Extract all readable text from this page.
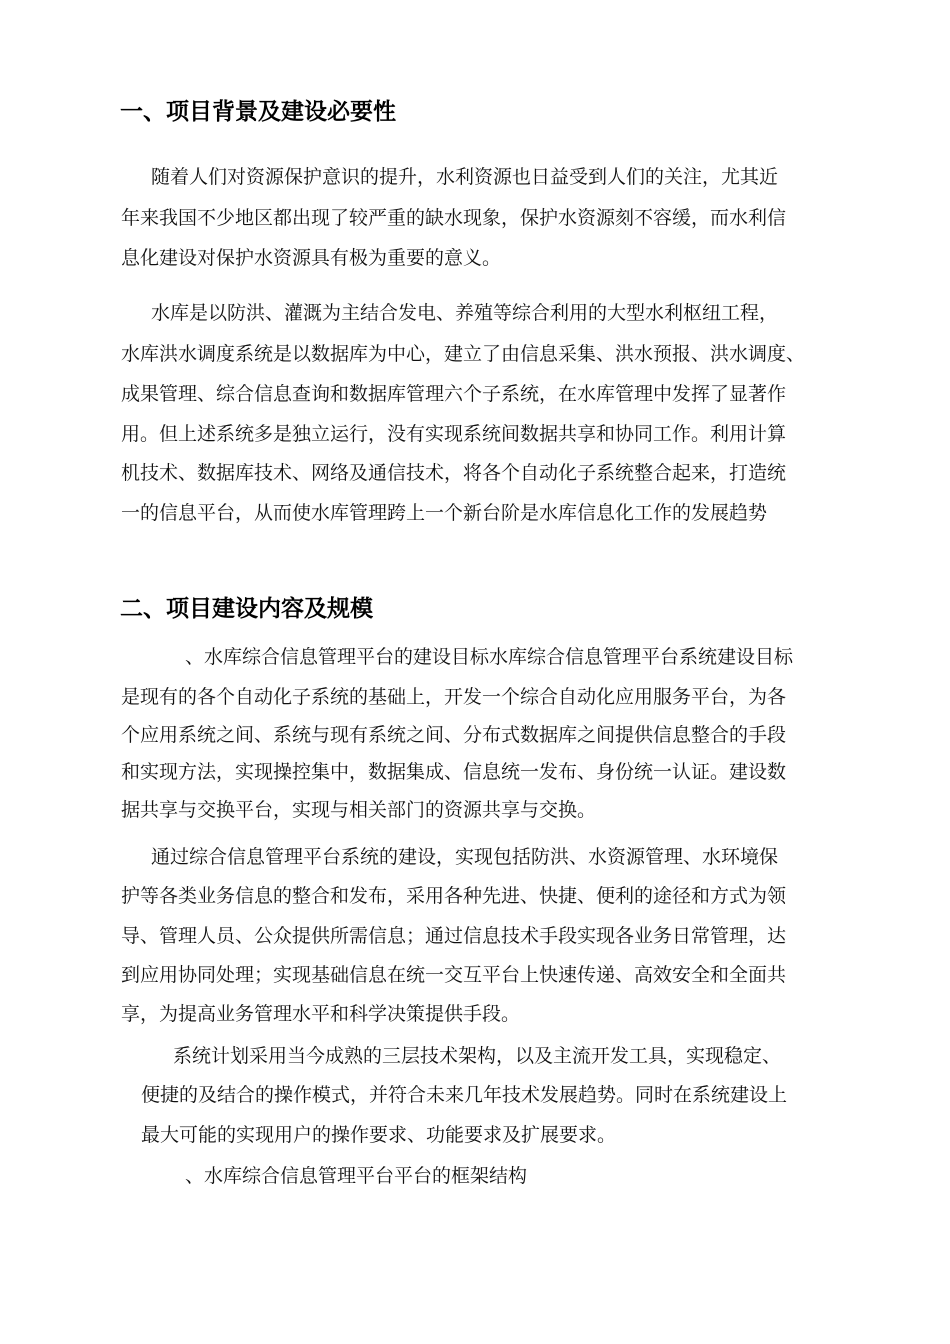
一、项目背景及建设必要性
随着人们对资源保护意识的提升，水利资源也日益受到人们的关注，尤其近
年来我国不少地区都出现了较严重的缺水现象，保护水资源刻不容缓，而水利信
息化建设对保护水资源具有极为重要的意义。
水库是以防洪、灌溉为主结合发电、养殖等综合利用的大型水利枢纽工程，
水库洪水调度系统是以数据库为中心，建立了由信息采集、洪水预报、洪水调度、
成果管理、综合信息查询和数据库管理六个子系统，在水库管理中发挥了显著作
用。但上述系统多是独立运行，没有实现系统间数据共享和协同工作。利用计算
机技术、数据库技术、网络及通信技术，将各个自动化子系统整合起来，打造统
一的信息平台，从而使水库管理跨上一个新台阶是水库信息化工作的发展趋势
二、项目建设内容及规模
、水库综合信息管理平台的建设目标水库综合信息管理平台系统建设目标
是现有的各个自动化子系统的基础上，开发一个综合自动化应用服务平台，为各
个应用系统之间、系统与现有系统之间、分布式数据库之间提供信息整合的手段
和实现方法，实现操控集中，数据集成、信息统一发布、身份统一认证。建设数
据共享与交换平台，实现与相关部门的资源共享与交换。
通过综合信息管理平台系统的建设，实现包括防洪、水资源管理、水环境保
护等各类业务信息的整合和发布，采用各种先进、快捷、便利的途径和方式为领
导、管理人员、公众提供所需信息；通过信息技术手段实现各业务日常管理，达
到应用协同处理；实现基础信息在统一交互平台上快速传递、高效安全和全面共
享，为提高业务管理水平和科学决策提供手段。
系统计划采用当今成熟的三层技术架构，以及主流开发工具，实现稳定、
便捷的及结合的操作模式，并符合未来几年技术发展趋势。同时在系统建设上
最大可能的实现用户的操作要求、功能要求及扩展要求。
、水库综合信息管理平台平台的框架结构
